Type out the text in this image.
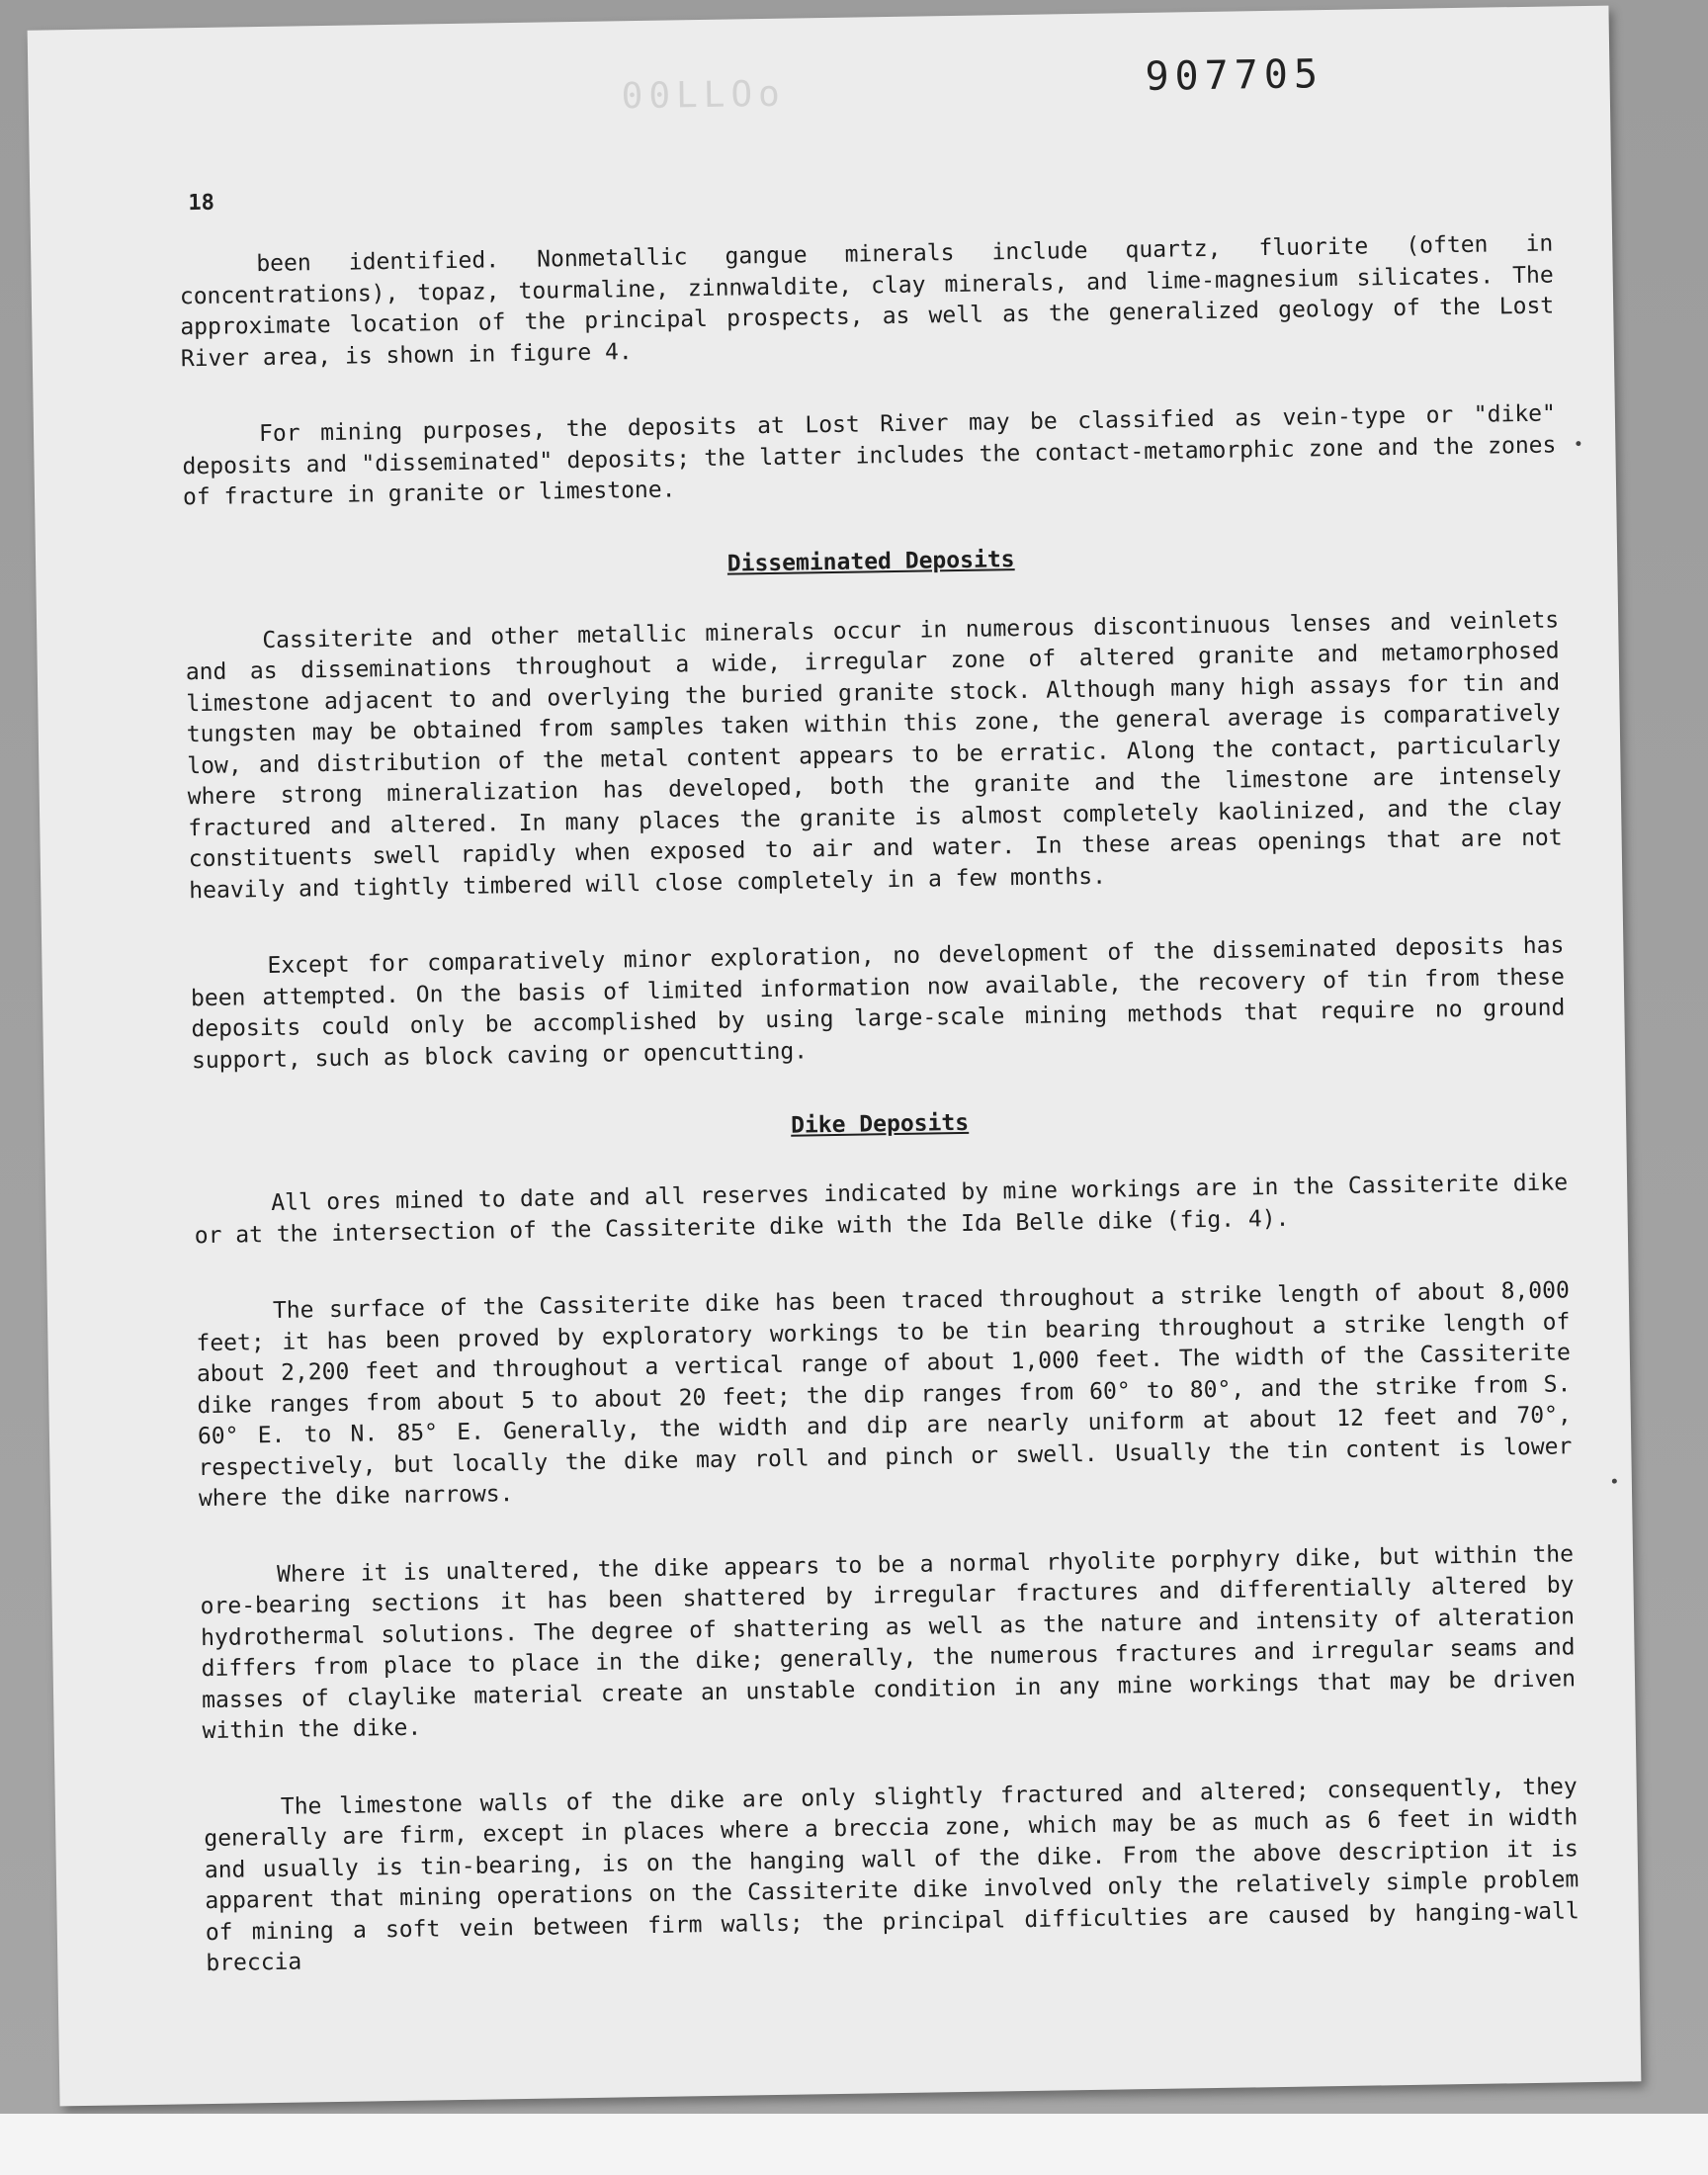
00LLOo	907705
18

been identified. Nonmetallic gangue minerals include quartz, fluorite (often in concentrations), topaz, tourmaline, zinnwaldite, clay minerals, and lime-magnesium silicates. The approximate location of the principal prospects, as well as the generalized geology of the Lost River area, is shown in figure 4.

For mining purposes, the deposits at Lost River may be classified as vein-type or "dike" deposits and "disseminated" deposits; the latter includes the contact-metamorphic zone and the zones of fracture in granite or limestone.

Disseminated Deposits

Cassiterite and other metallic minerals occur in numerous discontinuous lenses and veinlets and as disseminations throughout a wide, irregular zone of altered granite and metamorphosed limestone adjacent to and overlying the buried granite stock. Although many high assays for tin and tungsten may be obtained from samples taken within this zone, the general average is comparatively low, and distribution of the metal content appears to be erratic. Along the contact, particularly where strong mineralization has developed, both the granite and the limestone are intensely fractured and altered. In many places the granite is almost completely kaolinized, and the clay constituents swell rapidly when exposed to air and water. In these areas openings that are not heavily and tightly timbered will close completely in a few months.

Except for comparatively minor exploration, no development of the disseminated deposits has been attempted. On the basis of limited information now available, the recovery of tin from these deposits could only be accomplished by using large-scale mining methods that require no ground support, such as block caving or opencutting.

Dike Deposits

All ores mined to date and all reserves indicated by mine workings are in the Cassiterite dike or at the intersection of the Cassiterite dike with the Ida Belle dike (fig. 4).

The surface of the Cassiterite dike has been traced throughout a strike length of about 8,000 feet; it has been proved by exploratory workings to be tin bearing throughout a strike length of about 2,200 feet and throughout a vertical range of about 1,000 feet. The width of the Cassiterite dike ranges from about 5 to about 20 feet; the dip ranges from 60° to 80°, and the strike from S. 60° E. to N. 85° E. Generally, the width and dip are nearly uniform at about 12 feet and 70°, respectively, but locally the dike may roll and pinch or swell. Usually the tin content is lower where the dike narrows.

Where it is unaltered, the dike appears to be a normal rhyolite porphyry dike, but within the ore-bearing sections it has been shattered by irregular fractures and differentially altered by hydrothermal solutions. The degree of shattering as well as the nature and intensity of alteration differs from place to place in the dike; generally, the numerous fractures and irregular seams and masses of claylike material create an unstable condition in any mine workings that may be driven within the dike.

The limestone walls of the dike are only slightly fractured and altered; consequently, they generally are firm, except in places where a breccia zone, which may be as much as 6 feet in width and usually is tin-bearing, is on the hanging wall of the dike. From the above description it is apparent that mining operations on the Cassiterite dike involved only the relatively simple problem of mining a soft vein between firm walls; the principal difficulties are caused by hanging-wall breccia
